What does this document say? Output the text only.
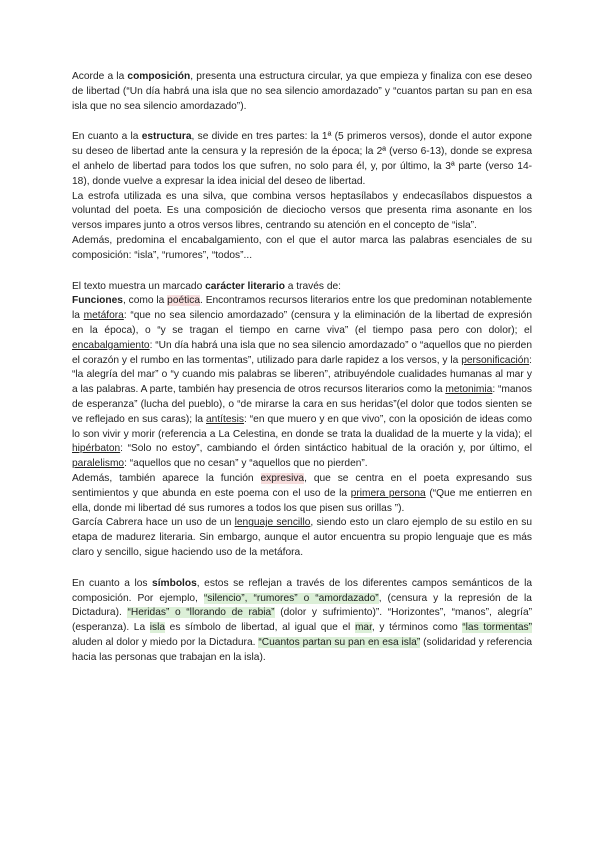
Acorde a la composición, presenta una estructura circular, ya que empieza y finaliza con ese deseo de libertad (“Un día habrá una isla que no sea silencio amordazado” y “cuantos partan su pan en esa isla que no sea silencio amordazado”).

En cuanto a la estructura, se divide en tres partes: la 1ª (5 primeros versos), donde el autor expone su deseo de libertad ante la censura y la represión de la época; la 2ª (verso 6-13), donde se expresa el anhelo de libertad para todos los que sufren, no solo para él, y, por último, la 3ª parte (verso 14-18), donde vuelve a expresar la idea inicial del deseo de libertad.

La estrofa utilizada es una silva, que combina versos heptasílabos y endecasílabos dispuestos a voluntad del poeta. Es una composición de dieciocho versos que presenta rima asonante en los versos impares junto a otros versos libres, centrando su atención en el concepto de “isla”.

Además, predomina el encabalgamiento, con el que el autor marca las palabras esenciales de su composición: “isla”, “rumores”, “todos”...

El texto muestra un marcado carácter literario a través de:

Funciones, como la poética. Encontramos recursos literarios entre los que predominan notablemente la metáfora: “que no sea silencio amordazado” (censura y la eliminación de la libertad de expresión en la época), o “y se tragan el tiempo en carne viva” (el tiempo pasa pero con dolor); el encabalgamiento: “Un día habrá una isla que no sea silencio amordazado” o “aquellos que no pierden el corazón y el rumbo en las tormentas”, utilizado para darle rapidez a los versos, y la personificación: “la alegría del mar” o “y cuando mis palabras se liberen”, atribuyéndole cualidades humanas al mar y a las palabras. A parte, también hay presencia de otros recursos literarios como la metonimia: “manos de esperanza” (lucha del pueblo), o “de mirarse la cara en sus heridas”(el dolor que todos sienten se ve reflejado en sus caras); la antítesis: “en que muero y en que vivo”, con la oposición de ideas como lo son vivir y morir (referencia a La Celestina, en donde se trata la dualidad de la muerte y la vida); el hipérbaton: “Solo no estoy”, cambiando el órden sintáctico habitual de la oración y, por último, el paralelismo: “aquellos que no cesan” y “aquellos que no pierden”.

Además, también aparece la función expresiva, que se centra en el poeta expresando sus sentimientos y que abunda en este poema con el uso de la primera persona (“Que me entierren en ella, donde mi libertad dé sus rumores a todos los que pisen sus orillas ”).

García Cabrera hace un uso de un lenguaje sencillo, siendo esto un claro ejemplo de su estilo en su etapa de madurez literaria. Sin embargo, aunque el autor encuentra su propio lenguaje que es más claro y sencillo, sigue haciendo uso de la metáfora.

En cuanto a los símbolos, estos se reflejan a través de los diferentes campos semánticos de la composición. Por ejemplo, “silencio”, “rumores” o “amordazado”, (censura y la represión de la Dictadura). “Heridas” o “llorando de rabia” (dolor y sufrimiento)”. “Horizontes”, “manos”, alegría” (esperanza). La isla es símbolo de libertad, al igual que el mar, y términos como “las tormentas” aluden al dolor y miedo por la Dictadura. “Cuantos partan su pan en esa isla” (solidaridad y referencia hacia las personas que trabajan en la isla).
